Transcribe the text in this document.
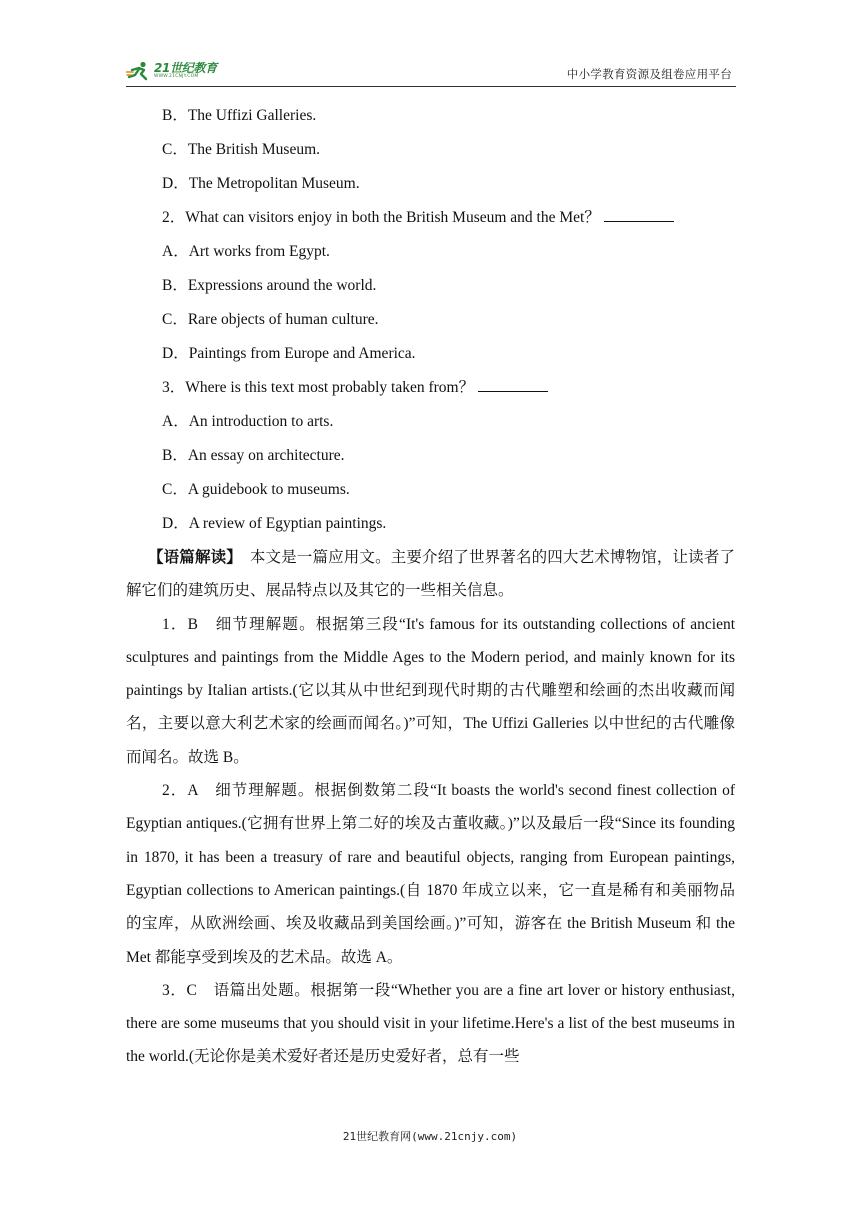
21世纪教育
WWW.21CNJY.COM	中小学教育资源及组卷应用平台
B．The Uffizi Galleries.
C．The British Museum.
D．The Metropolitan Museum.
2．What can visitors enjoy in both the British Museum and the Met？
A．Art works from Egypt.
B．Expressions around the world.
C．Rare objects of human culture.
D．Paintings from Europe and America.
3．Where is this text most probably taken from？
A．An introduction to arts.
B．An essay on architecture.
C．A guidebook to museums.
D．A review of Egyptian paintings.

【语篇解读】　 本文是一篇应用文。主要介绍了世界著名的四大艺术博物馆，让读者了解它们的建筑历史、展品特点以及其它的一些相关信息。

1．B　细节理解题。根据第三段“It's famous for its outstanding collections of ancient sculptures and paintings from the Middle Ages to the Modern period, and mainly known for its paintings by Italian artists.(它以其从中世纪到现代时期的古代雕塑和绘画的杰出收藏而闻名，主要以意大利艺术家的绘画而闻名。)”可知，The Uffizi Galleries 以中世纪的古代雕像而闻名。故选 B。

2．A　细节理解题。根据倒数第二段“It boasts the world's second finest collection of Egyptian antiques.(它拥有世界上第二好的埃及古董收藏。)”以及最后一段“Since its founding in 1870, it has been a treasury of rare and beautiful objects, ranging from European paintings, Egyptian collections to American paintings.(自 1870 年成立以来，它一直是稀有和美丽物品的宝库，从欧洲绘画、埃及收藏品到美国绘画。)”可知，游客在 the British Museum 和 the Met 都能享受到埃及的艺术品。故选 A。

3．C　语篇出处题。根据第一段“Whether you are a fine art lover or history enthusiast, there are some museums that you should visit in your lifetime.Here's a list of the best museums in the world.(无论你是美术爱好者还是历史爱好者，总有一些

21世纪教育网(www.21cnjy.com)
